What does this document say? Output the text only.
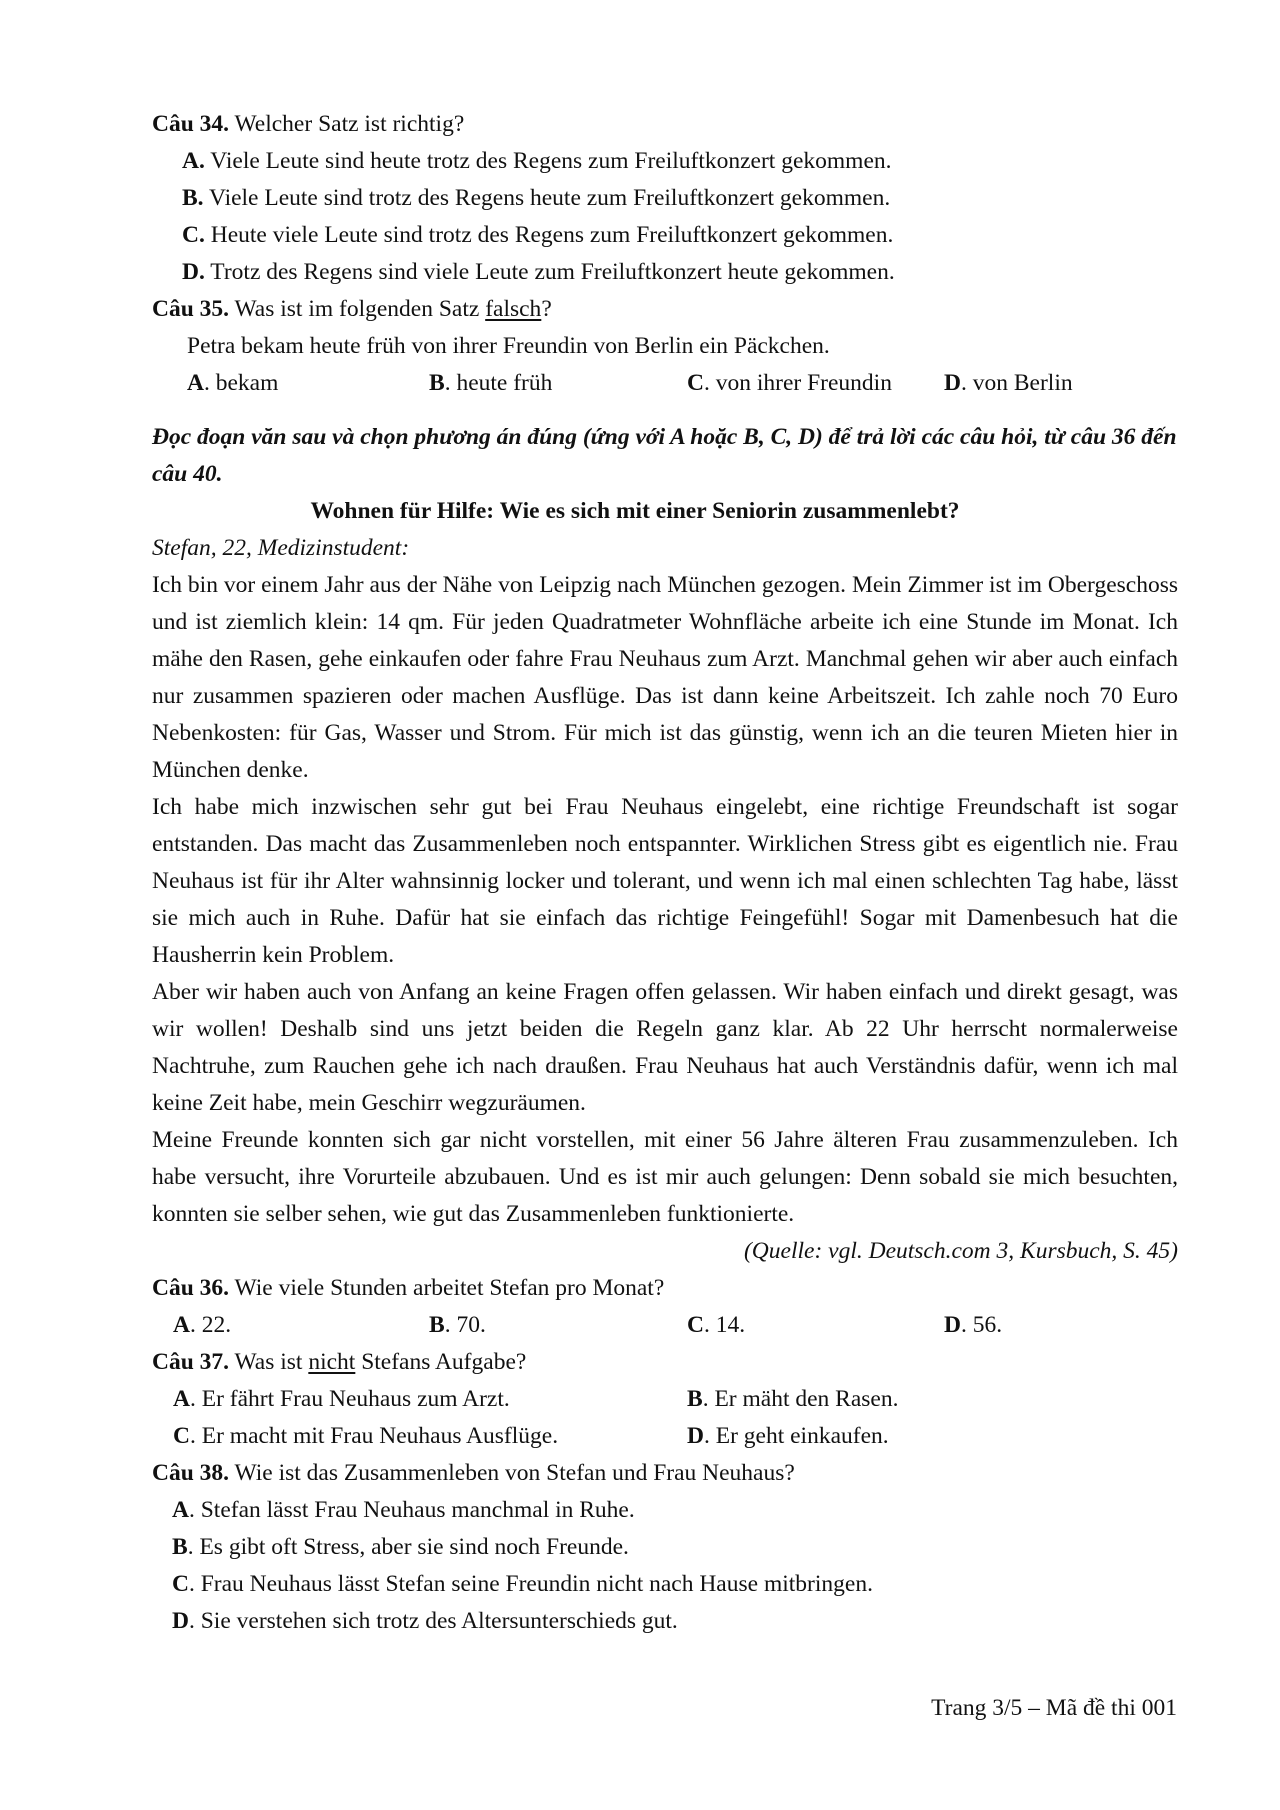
Câu 34. Welcher Satz ist richtig?
A. Viele Leute sind heute trotz des Regens zum Freiluftkonzert gekommen.
B. Viele Leute sind trotz des Regens heute zum Freiluftkonzert gekommen.
C. Heute viele Leute sind trotz des Regens zum Freiluftkonzert gekommen.
D. Trotz des Regens sind viele Leute zum Freiluftkonzert heute gekommen.
Câu 35. Was ist im folgenden Satz falsch?
Petra bekam heute früh von ihrer Freundin von Berlin ein Päckchen.
A. bekam	B. heute früh	C. von ihrer Freundin D. von Berlin
Đọc đoạn văn sau và chọn phương án đúng (ứng với A hoặc B, C, D) để trả lời các câu hỏi, từ câu 36 đến câu 40.
Wohnen für Hilfe: Wie es sich mit einer Seniorin zusammenlebt?
Stefan, 22, Medizinstudent:
Ich bin vor einem Jahr aus der Nähe von Leipzig nach München gezogen. Mein Zimmer ist im Obergeschoss und ist ziemlich klein: 14 qm. Für jeden Quadratmeter Wohnfläche arbeite ich eine Stunde im Monat. Ich mähe den Rasen, gehe einkaufen oder fahre Frau Neuhaus zum Arzt. Manchmal gehen wir aber auch einfach nur zusammen spazieren oder machen Ausflüge. Das ist dann keine Arbeitszeit. Ich zahle noch 70 Euro Nebenkosten: für Gas, Wasser und Strom. Für mich ist das günstig, wenn ich an die teuren Mieten hier in München denke.
Ich habe mich inzwischen sehr gut bei Frau Neuhaus eingelebt, eine richtige Freundschaft ist sogar entstanden. Das macht das Zusammenleben noch entspannter. Wirklichen Stress gibt es eigentlich nie. Frau Neuhaus ist für ihr Alter wahnsinnig locker und tolerant, und wenn ich mal einen schlechten Tag habe, lässt sie mich auch in Ruhe. Dafür hat sie einfach das richtige Feingefühl! Sogar mit Damenbesuch hat die Hausherrin kein Problem.
Aber wir haben auch von Anfang an keine Fragen offen gelassen. Wir haben einfach und direkt gesagt, was wir wollen! Deshalb sind uns jetzt beiden die Regeln ganz klar. Ab 22 Uhr herrscht normalerweise Nachtruhe, zum Rauchen gehe ich nach draußen. Frau Neuhaus hat auch Verständnis dafür, wenn ich mal keine Zeit habe, mein Geschirr wegzuräumen.
Meine Freunde konnten sich gar nicht vorstellen, mit einer 56 Jahre älteren Frau zusammenzuleben. Ich habe versucht, ihre Vorurteile abzubauen. Und es ist mir auch gelungen: Denn sobald sie mich besuchten, konnten sie selber sehen, wie gut das Zusammenleben funktionierte.
(Quelle: vgl. Deutsch.com 3, Kursbuch, S. 45)
Câu 36. Wie viele Stunden arbeitet Stefan pro Monat?
A. 22.	B. 70.	C. 14.	D. 56.
Câu 37. Was ist nicht Stefans Aufgabe?
A. Er fährt Frau Neuhaus zum Arzt.	B. Er mäht den Rasen.
C. Er macht mit Frau Neuhaus Ausflüge.	D. Er geht einkaufen.
Câu 38. Wie ist das Zusammenleben von Stefan und Frau Neuhaus?
A. Stefan lässt Frau Neuhaus manchmal in Ruhe.
B. Es gibt oft Stress, aber sie sind noch Freunde.
C. Frau Neuhaus lässt Stefan seine Freundin nicht nach Hause mitbringen.
D. Sie verstehen sich trotz des Altersunterschieds gut.
Trang 3/5 – Mã đề thi 001
